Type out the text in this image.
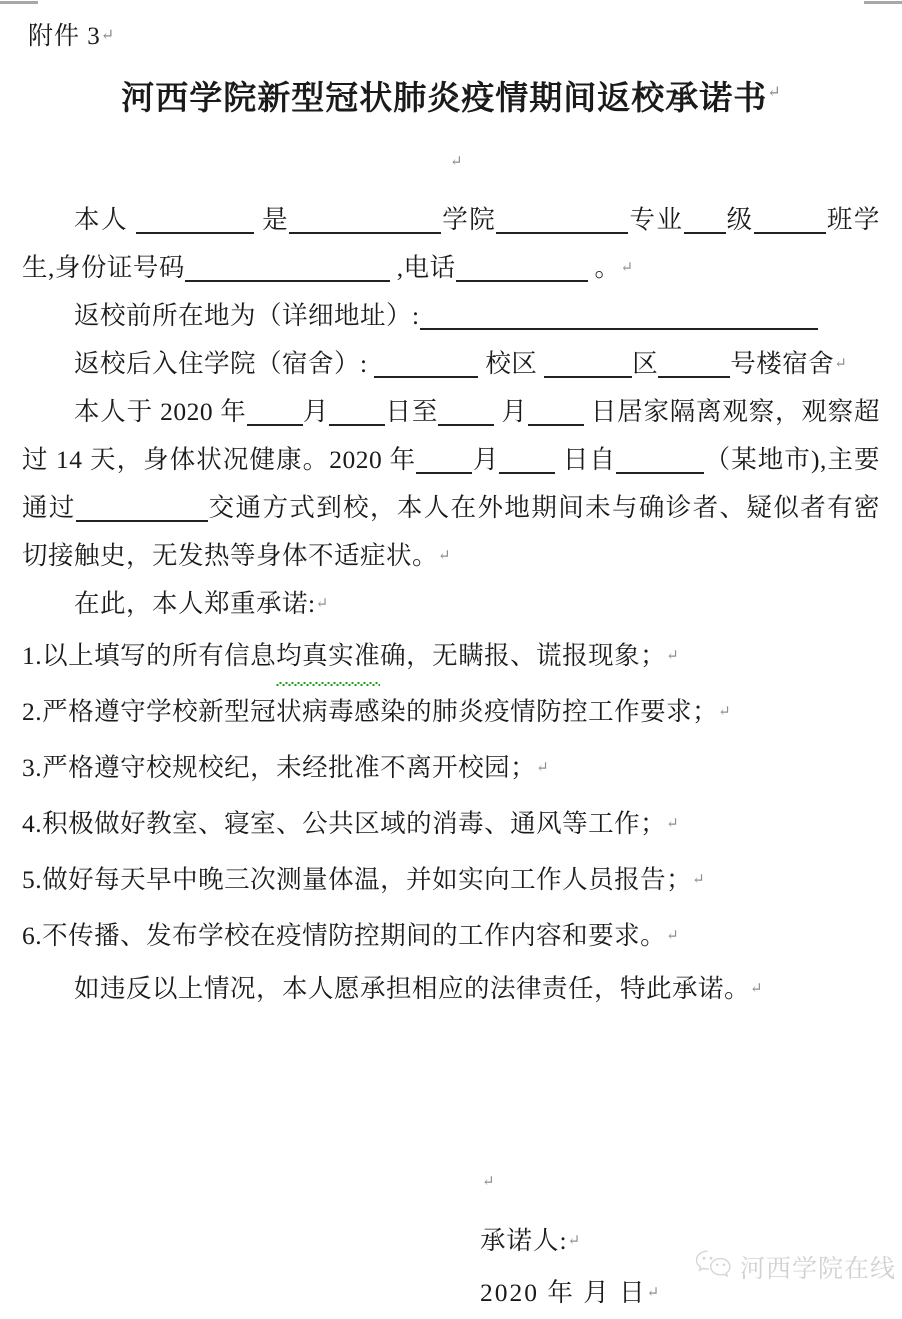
附件 3↵
河西学院新型冠状肺炎疫情期间返校承诺书↵
↵
本人	是	学院	专业 级	班学生,身份证号码	,电话	。↵
返校前所在地为（详细地址）:
返校后入住学院（宿舍）:	校区	区	号楼宿舍↵
本人于 2020 年 月 日至 月 日居家隔离观察，观察超过 14 天，身体状况健康。2020 年 月 日自	（某地市),主要通过	交通方式到校，本人在外地期间未与确诊者、疑似者有密切接触史，无发热等身体不适症状。↵
在此，本人郑重承诺:↵
1.以上填写的所有信息均真实准确，无瞒报、谎报现象；↵
2.严格遵守学校新型冠状病毒感染的肺炎疫情防控工作要求；↵
3.严格遵守校规校纪，未经批准不离开校园；↵
4.积极做好教室、寝室、公共区域的消毒、通风等工作；↵
5.做好每天早中晚三次测量体温，并如实向工作人员报告；↵
6.不传播、发布学校在疫情防控期间的工作内容和要求。↵
如违反以上情况，本人愿承担相应的法律责任，特此承诺。↵
↵
承诺人:↵
2020 年 月 日↵
河西学院在线
